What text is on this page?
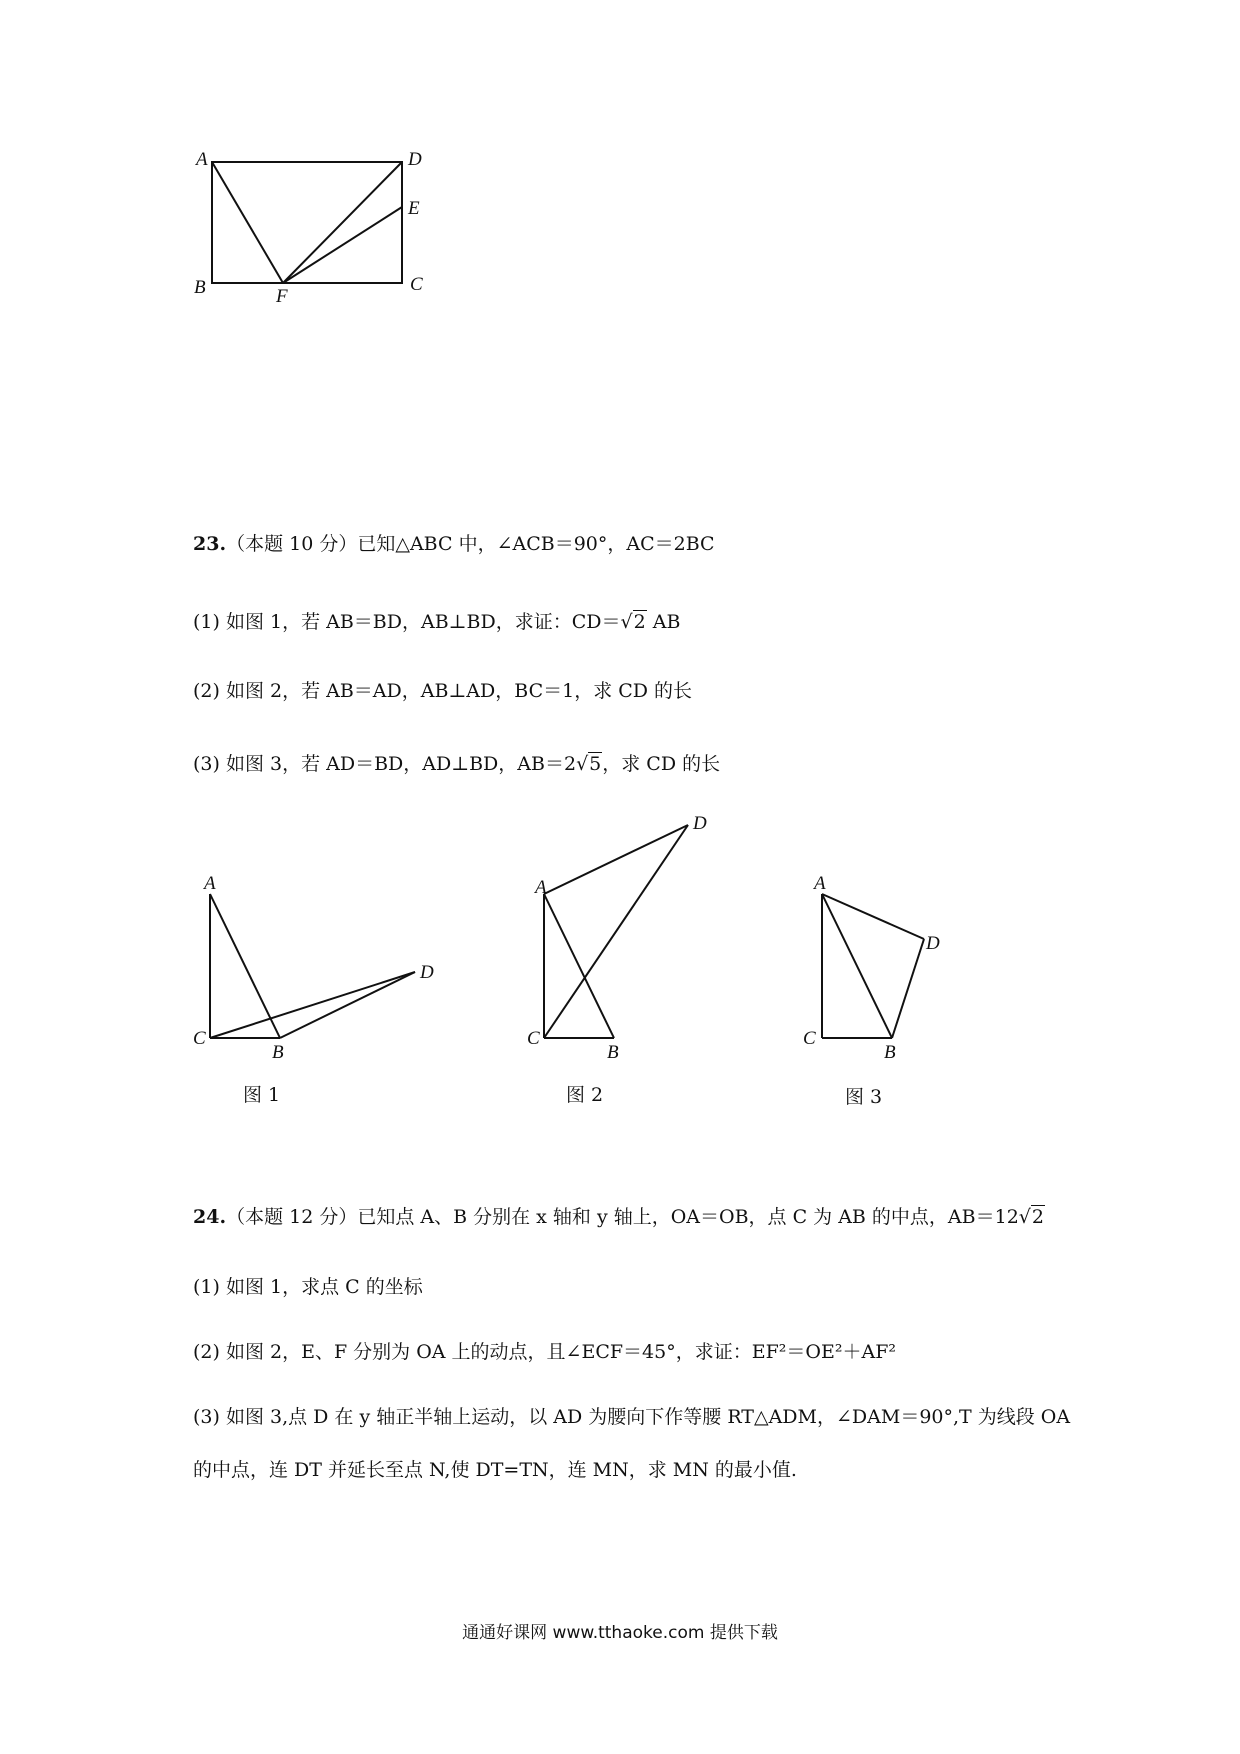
A	D
E
B	F
C
23.（本题 10 分）已知△ABC 中，∠ACB＝90°，AC＝2BC
(1) 如图 1，若 AB＝BD，AB⊥BD，求证：CD＝√2 AB
(2) 如图 2，若 AB＝AD，AB⊥AD，BC＝1，求 CD 的长
(3) 如图 3，若 AD＝BD，AD⊥BD，AB＝2√5，求 CD 的长
A
C
B
D
A
C
B
D
A
C
B
D
图 1	图 2	图 3
24.（本题 12 分）已知点 A、B 分别在 x 轴和 y 轴上，OA＝OB，点 C 为 AB 的中点，AB＝12√2
(1) 如图 1，求点 C 的坐标
(2) 如图 2，E、F 分别为 OA 上的动点，且∠ECF＝45°，求证：EF²＝OE²＋AF²
(3) 如图 3,点 D 在 y 轴正半轴上运动，以 AD 为腰向下作等腰 RT△ADM，∠DAM＝90°,T 为线段 OA
的中点，连 DT 并延长至点 N,使 DT=TN，连 MN，求 MN 的最小值.
通通好课网 www.tthaoke.com 提供下载
